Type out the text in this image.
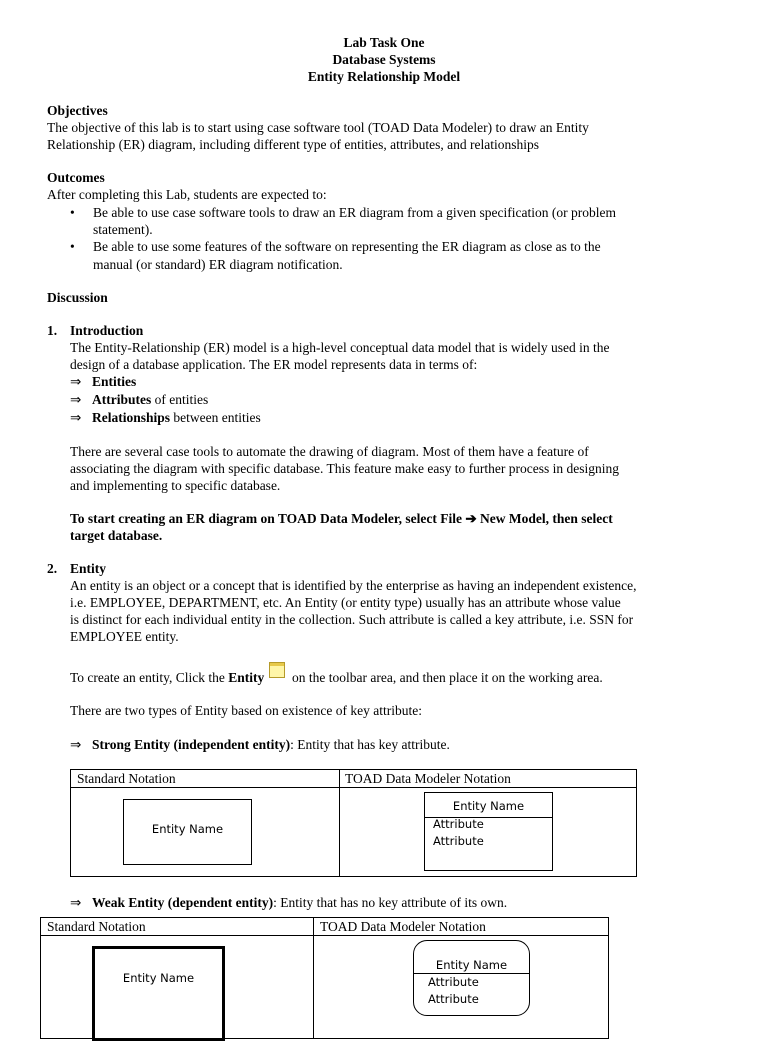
Lab Task One
Database Systems
Entity Relationship Model
Objectives
The objective of this lab is to start using case software tool (TOAD Data Modeler) to draw an Entity
Relationship (ER) diagram, including different type of entities, attributes, and relationships
Outcomes
After completing this Lab, students are expected to:
• Be able to use case software tools to draw an ER diagram from a given specification (or problem
statement).
• Be able to use some features of the software on representing the ER diagram as close as to the
manual (or standard) ER diagram notification.
Discussion
1. Introduction
The Entity-Relationship (ER) model is a high-level conceptual data model that is widely used in the
design of a database application. The ER model represents data in terms of:
⇒ Entities
⇒ Attributes of entities
⇒ Relationships between entities
There are several case tools to automate the drawing of diagram. Most of them have a feature of
associating the diagram with specific database. This feature make easy to further process in designing
and implementing to specific database.
To start creating an ER diagram on TOAD Data Modeler, select File ➔ New Model, then select
target database.
2. Entity
An entity is an object or a concept that is identified by the enterprise as having an independent existence,
i.e. EMPLOYEE, DEPARTMENT, etc. An Entity (or entity type) usually has an attribute whose value
is distinct for each individual entity in the collection. Such attribute is called a key attribute, i.e. SSN for
EMPLOYEE entity.
To create an entity, Click the Entity  on the toolbar area, and then place it on the working area.
There are two types of Entity based on existence of key attribute:
⇒ Strong Entity (independent entity): Entity that has key attribute.
Standard Notation	TOAD Data Modeler Notation
Entity Name
Entity Name
Attribute
Attribute
⇒ Weak Entity (dependent entity): Entity that has no key attribute of its own.
Standard Notation	TOAD Data Modeler Notation
Entity Name
Entity Name
Attribute
Attribute
